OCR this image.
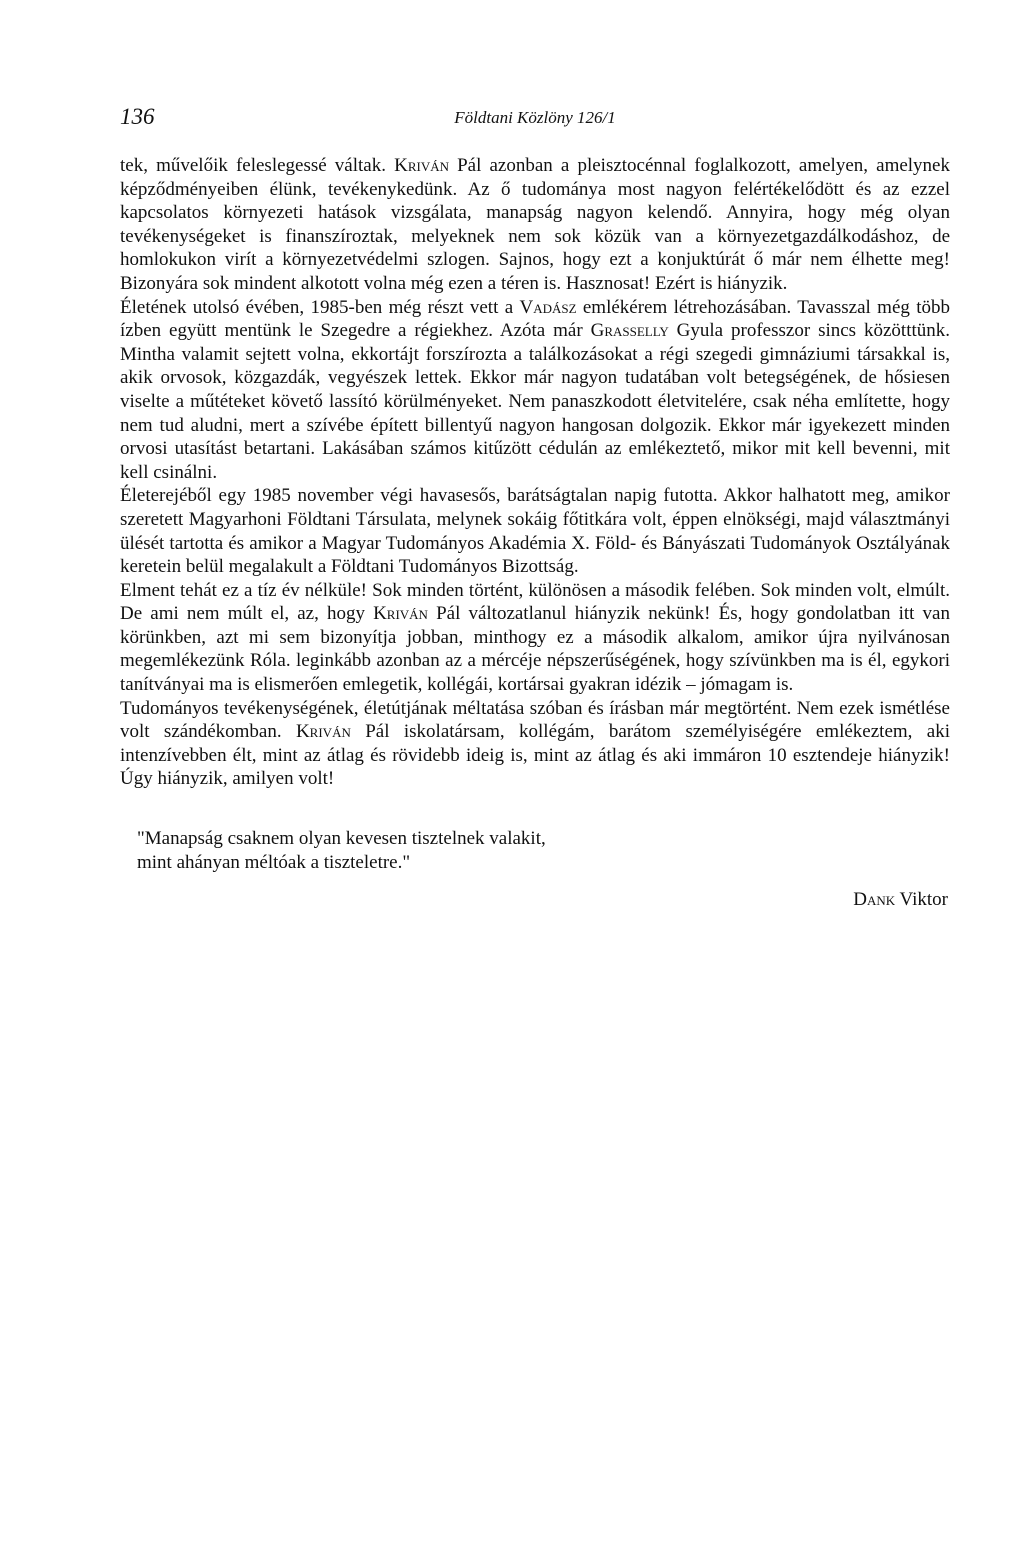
136	Földtani Közlöny 126/1

tek, művelőik feleslegessé váltak. Kriván Pál azonban a pleisztocénnal foglalkozott, amelyen, amelynek képződményeiben élünk, tevékenykedünk. Az ő tudománya most nagyon felértékelődött és az ezzel kapcsolatos környezeti hatások vizsgálata, manapság nagyon kelendő. Annyira, hogy még olyan tevékenységeket is finanszíroztak, melyeknek nem sok közük van a környezetgazdálkodáshoz, de homlokukon virít a környezetvédelmi szlogen. Sajnos, hogy ezt a konjuktúrát ő már nem élhette meg! Bizonyára sok mindent alkotott volna még ezen a téren is. Hasznosat! Ezért is hiányzik.

Életének utolsó évében, 1985-ben még részt vett a Vadász emlékérem létrehozásában. Tavasszal még több ízben együtt mentünk le Szegedre a régiekhez. Azóta már Grasselly Gyula professzor sincs közötttünk. Mintha valamit sejtett volna, ekkortájt forszírozta a találkozásokat a régi szegedi gimnáziumi társakkal is, akik orvosok, közgazdák, vegyészek lettek. Ekkor már nagyon tudatában volt betegségének, de hősiesen viselte a műtéteket követő lassító körülményeket. Nem panaszkodott életvitelére, csak néha említette, hogy nem tud aludni, mert a szívébe épített billentyű nagyon hangosan dolgozik. Ekkor már igyekezett minden orvosi utasítást betartani. Lakásában számos kitűzött cédulán az emlékeztető, mikor mit kell bevenni, mit kell csinálni.

Életerejéből egy 1985 november végi havasesős, barátságtalan napig futotta. Akkor halhatott meg, amikor szeretett Magyarhoni Földtani Társulata, melynek sokáig főtitkára volt, éppen elnökségi, majd választmányi ülését tartotta és amikor a Magyar Tudományos Akadémia X. Föld- és Bányászati Tudományok Osztályának keretein belül megalakult a Földtani Tudományos Bizottság.

Elment tehát ez a tíz év nélküle! Sok minden történt, különösen a második felében. Sok minden volt, elmúlt. De ami nem múlt el, az, hogy Kriván Pál változatlanul hiányzik nekünk! És, hogy gondolatban itt van körünkben, azt mi sem bizonyítja jobban, minthogy ez a második alkalom, amikor újra nyilvánosan megemlékezünk Róla. leginkább azonban az a mércéje népszerűségének, hogy szívünkben ma is él, egykori tanítványai ma is elismerően emlegetik, kollégái, kortársai gyakran idézik – jómagam is.

Tudományos tevékenységének, életútjának méltatása szóban és írásban már megtörtént. Nem ezek ismétlése volt szándékomban. Kriván Pál iskolatársam, kollégám, barátom személyiségére emlékeztem, aki intenzívebben élt, mint az átlag és rövidebb ideig is, mint az átlag és aki immáron 10 esztendeje hiányzik! Úgy hiányzik, amilyen volt!

"Manapság csaknem olyan kevesen tisztelnek valakit,
mint ahányan méltóak a tiszteletre."
Dank Viktor
